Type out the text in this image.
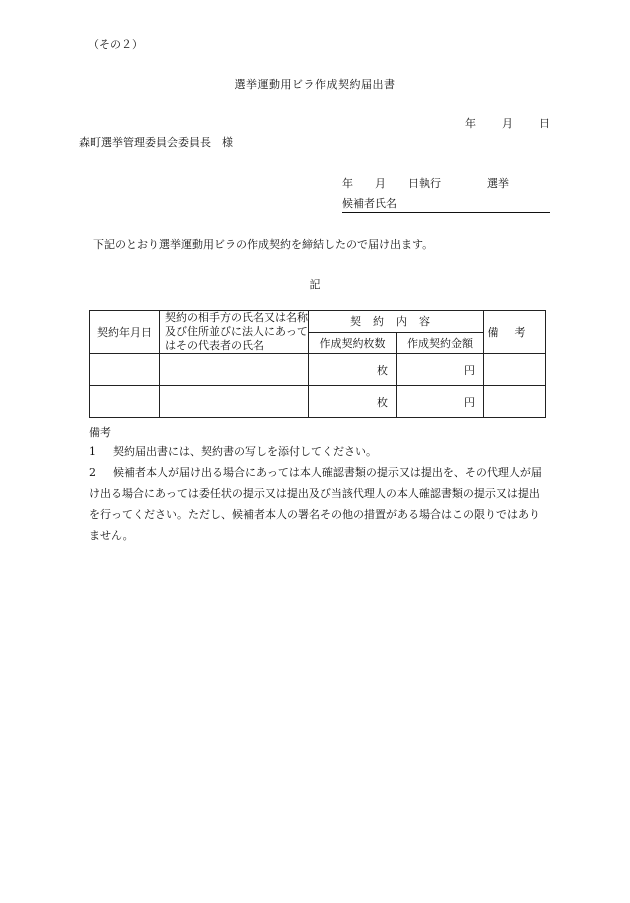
（その２）
選挙運動用ビラ作成契約届出書
年 月 日
森町選挙管理委員会委員長　様
年 月 日執行	選挙
候補者氏名
下記のとおり選挙運動用ビラの作成契約を締結したので届け出ます。
記
契約年月日	契約の相手方の氏名又は名称及び住所並びに法人にあってはその代表者の氏名	契約内容		備考
		作成契約枚数	作成契約金額	
		枚	円	
		枚	円	
備考
1 契約届出書には、契約書の写しを添付してください。
2 候補者本人が届け出る場合にあっては本人確認書類の提示又は提出を、その代理人が届け出る場合にあっては委任状の提示又は提出及び当該代理人の本人確認書類の提示又は提出を行ってください。ただし、候補者本人の署名その他の措置がある場合はこの限りではありません。
